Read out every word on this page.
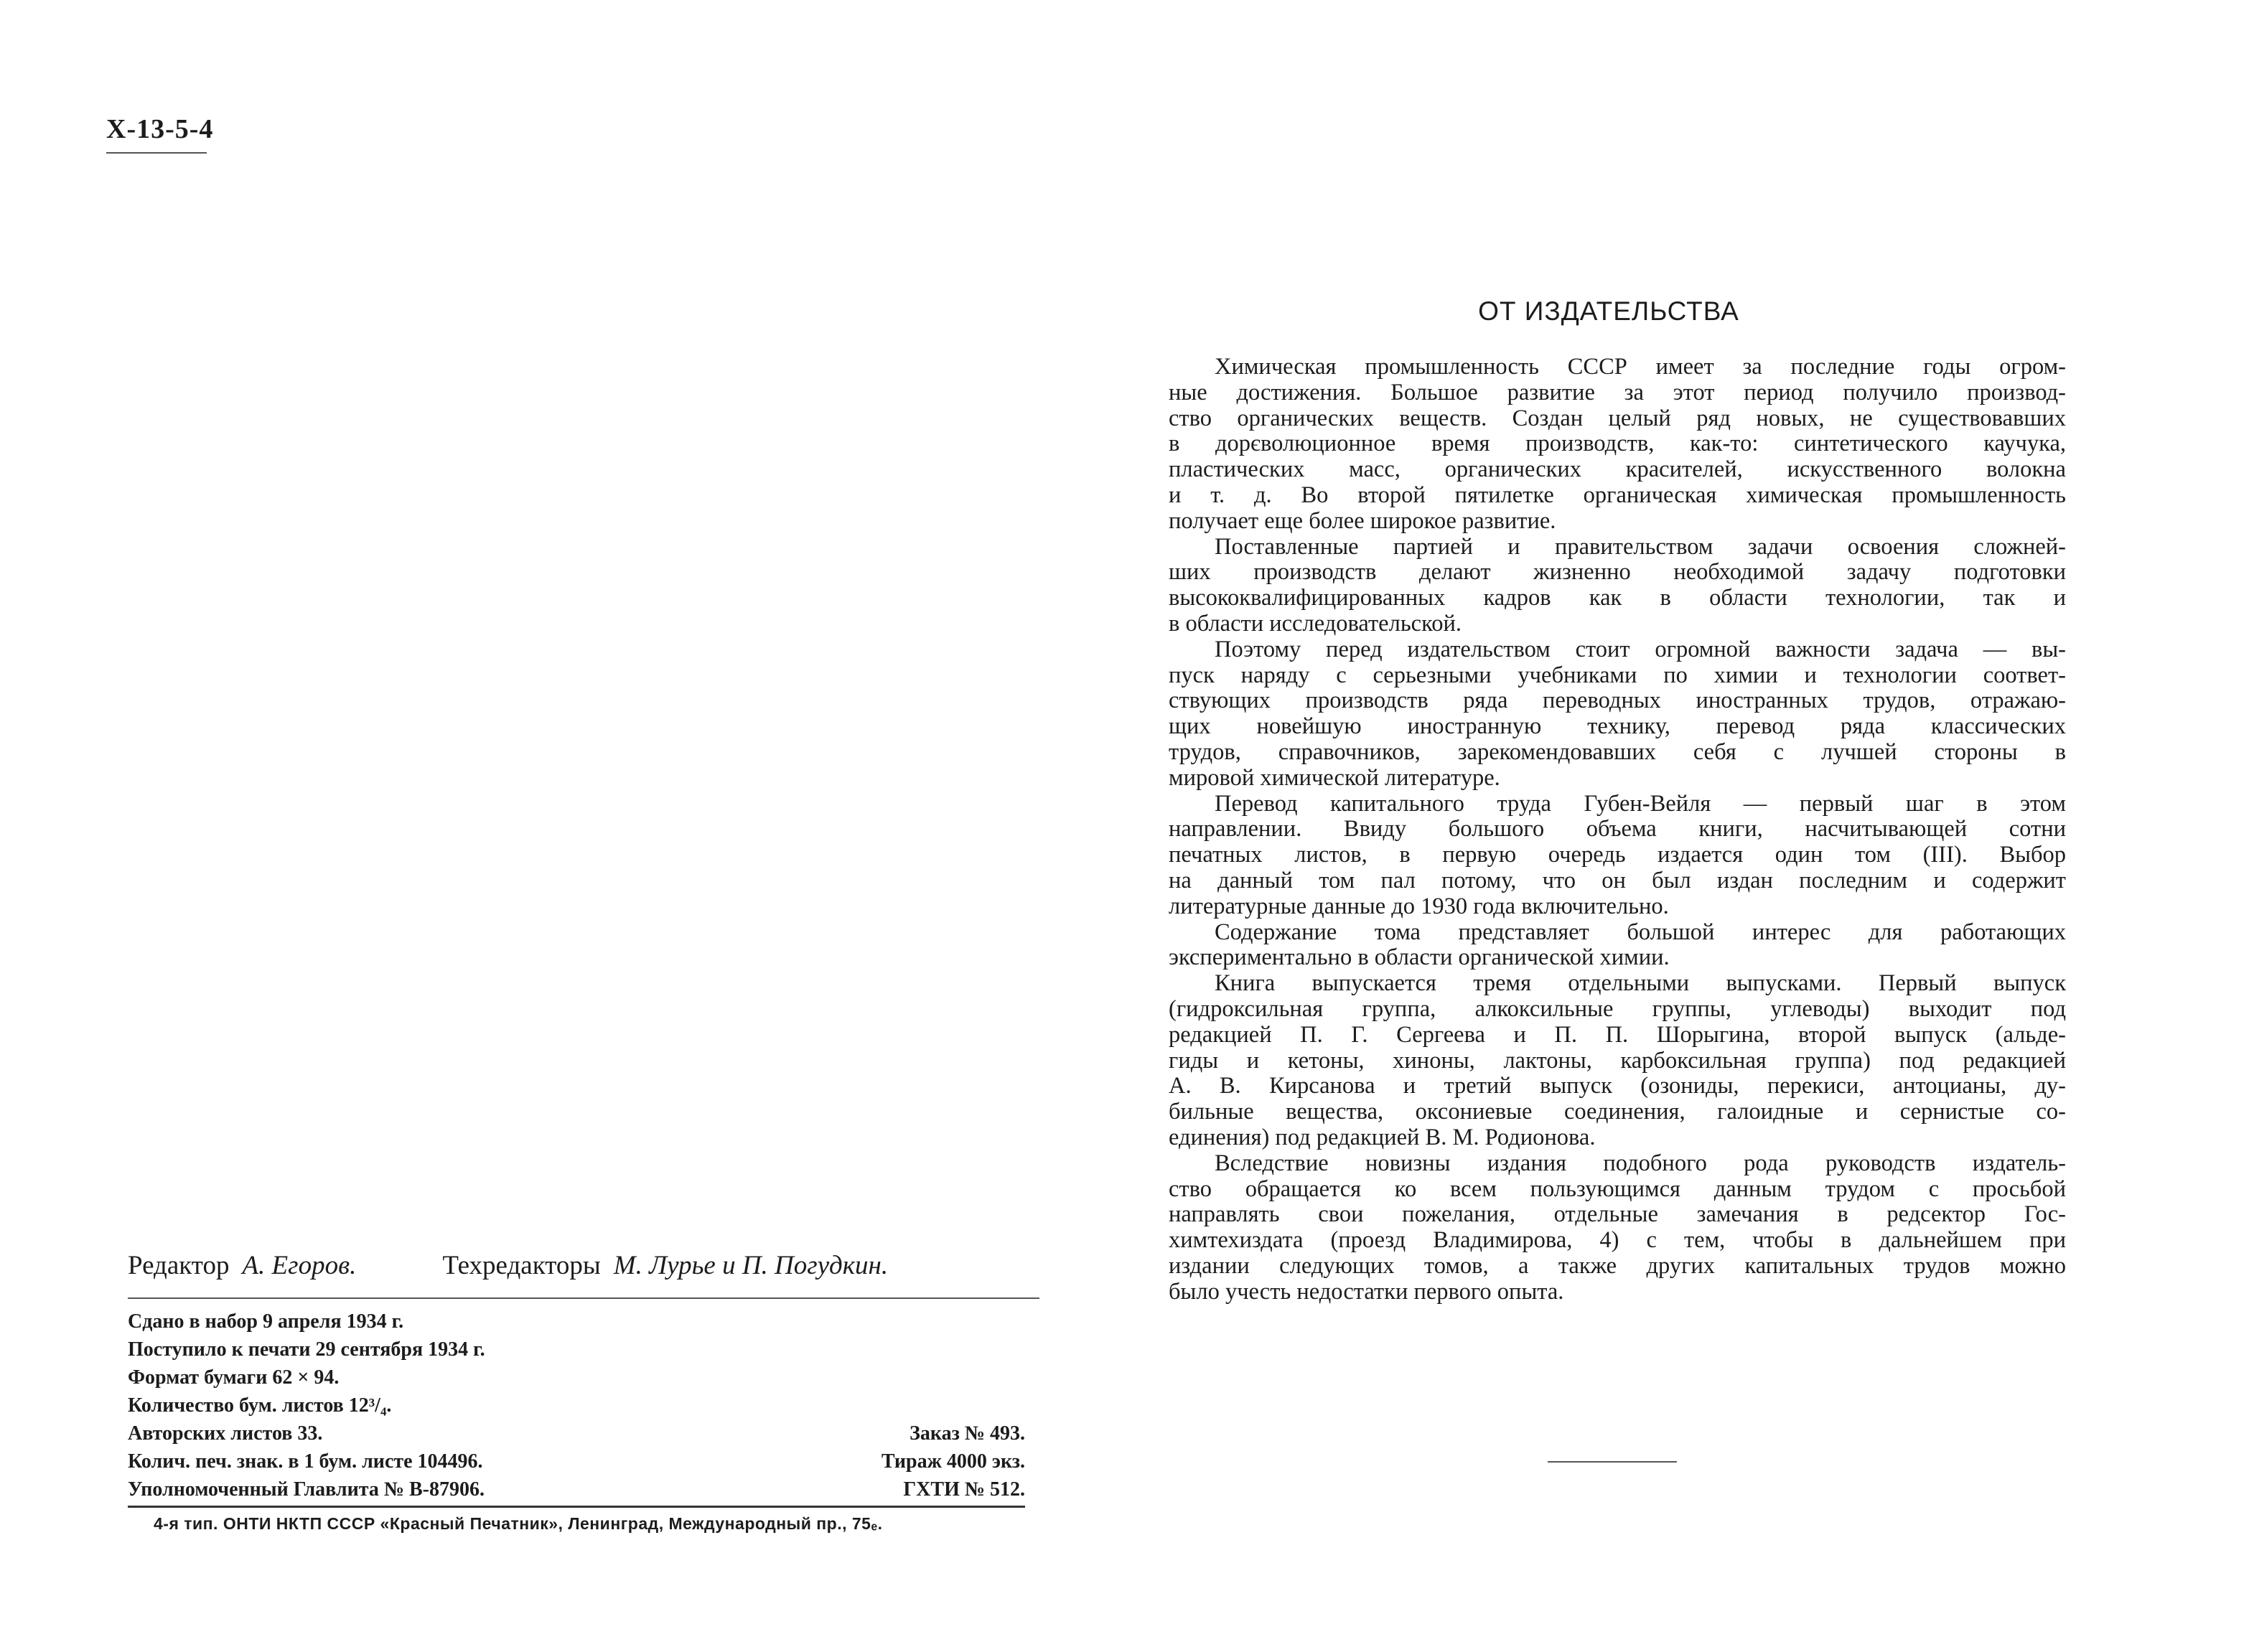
Х-13-5-4
Редактор А. Егоров.	Техредакторы М. Лурье и П. Погудкин.
Сдано в набор 9 апреля 1934 г.
Поступило к печати 29 сентября 1934 г.
Формат бумаги 62 × 94.
Количество бум. листов 12³/₄.
Авторских листов 33.	Заказ № 493.
Колич. печ. знак. в 1 бум. листе 104496.	Тираж 4000 экз.
Уполномоченный Главлита № В-87906.	ГХТИ № 512.
4-я тип. ОНТИ НКТП СССР «Красный Печатник», Ленинград, Международный пр., 75ₑ.
ОТ ИЗДАТЕЛЬСТВА
Химическая промышленность СССР имеет за последние годы огром-
ные достижения. Большое развитие за этот период получило производ-
ство органических веществ. Создан целый ряд новых, не существовавших
в дорєволюционное время производств, как-то: синтетического каучука,
пластических масс, органических красителей, искусственного волокна
и т. д. Во второй пятилетке органическая химическая промышленность
получает еще более широкое развитие.
Поставленные партией и правительством задачи освоения сложней-
ших производств делают жизненно необходимой задачу подготовки
высококвалифицированных кадров как в области технологии, так и
в области исследовательской.
Поэтому перед издательством стоит огромной важности задача — вы-
пуск наряду с серьезными учебниками по химии и технологии соответ-
ствующих производств ряда переводных иностранных трудов, отражаю-
щих новейшую иностранную технику, перевод ряда классических
трудов, справочников, зарекомендовавших себя с лучшей стороны в
мировой химической литературе.
Перевод капитального труда Губен-Вейля — первый шаг в этом
направлении. Ввиду большого объема книги, насчитывающей сотни
печатных листов, в первую очередь издается один том (III). Выбор
на данный том пал потому, что он был издан последним и содержит
литературные данные до 1930 года включительно.
Содержание тома представляет большой интерес для работающих
экспериментально в области органической химии.
Книга выпускается тремя отдельными выпусками. Первый выпуск
(гидроксильная группа, алкоксильные группы, углеводы) выходит под
редакцией П. Г. Сергеева и П. П. Шорыгина, второй выпуск (альде-
гиды и кетоны, хиноны, лактоны, карбоксильная группа) под редакцией
А. В. Кирсанова и третий выпуск (озониды, перекиси, антоцианы, ду-
бильные вещества, оксониевые соединения, галоидные и сернистые со-
единения) под редакцией В. М. Родионова.
Вследствие новизны издания подобного рода руководств издатель-
ство обращается ко всем пользующимся данным трудом с просьбой
направлять свои пожелания, отдельные замечания в редсектор Гос-
химтехиздата (проезд Владимирова, 4) с тем, чтобы в дальнейшем при
издании следующих томов, а также других капитальных трудов можно
было учесть недостатки первого опыта.
